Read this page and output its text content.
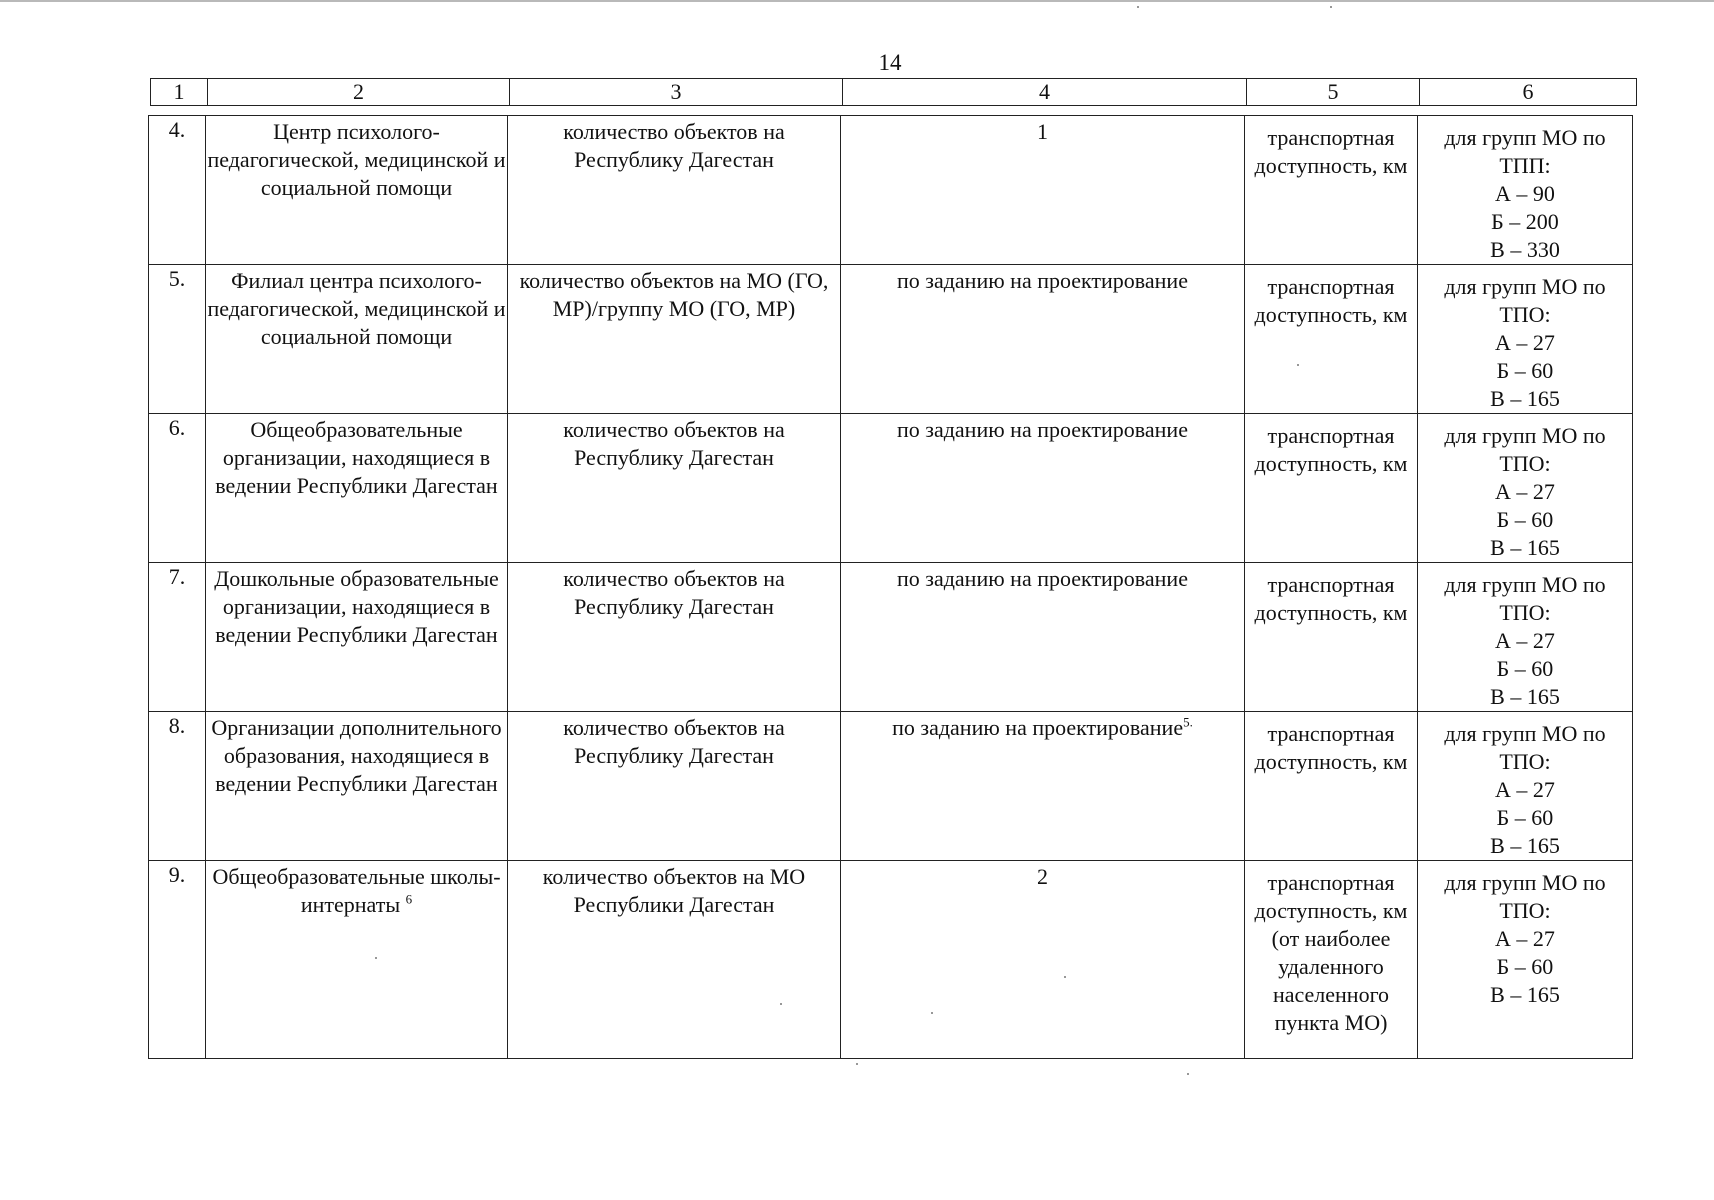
14
1	2	3	4	5	6
4.	Центр психолого-педагогической, медицинской и социальной помощи	количество объектов на Республику Дагестан	1	транспортная доступность, км	для групп МО по ТПП:
А – 90
Б – 200
В – 330

5.	Филиал центра психолого-педагогической, медицинской и социальной помощи	количество объектов на МО (ГО, МР)/группу МО (ГО, МР)	по заданию на проектирование	транспортная доступность, км	для групп МО по ТПО:
А – 27
Б – 60
В – 165

6.	Общеобразовательные организации, находящиеся в ведении Республики Дагестан	количество объектов на Республику Дагестан	по заданию на проектирование	транспортная доступность, км	для групп МО по ТПО:
А – 27
Б – 60
В – 165

7.	Дошкольные образовательные организации, находящиеся в ведении Республики Дагестан	количество объектов на Республику Дагестан	по заданию на проектирование	транспортная доступность, км	для групп МО по ТПО:
А – 27
Б – 60
В – 165

8.	Организации дополнительного образования, находящиеся в ведении Республики Дагестан	количество объектов на Республику Дагестан	по заданию на проектирование$^{5.}$	транспортная доступность, км	для групп МО по ТПО:
А – 27
Б – 60
В – 165

9.	Общеобразовательные школы-интернаты $^6$	количество объектов на МО Республики Дагестан	2	транспортная доступность, км (от наиболее удаленного населенного пункта МО)	для групп МО по ТПО:
А – 27
Б – 60
В – 165
